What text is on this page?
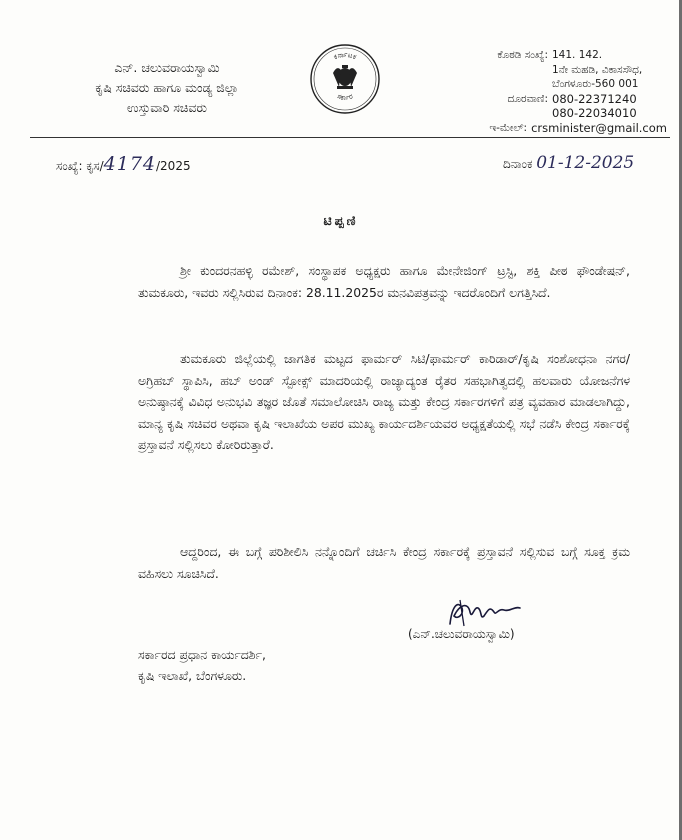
ಎನ್. ಚಲುವರಾಯಸ್ವಾಮಿ
ಕೃಷಿ ಸಚಿವರು ಹಾಗೂ ಮಂಡ್ಯ ಜಿಲ್ಲಾ
ಉಸ್ತುವಾರಿ ಸಚಿವರು
ಕರ್ನಾಟಕ
ಸರ್ಕಾರ
ಕೊಠಡಿ ಸಂಖ್ಯೆ: 141. 142.
1ನೇ ಮಹಡಿ, ವಿಕಾಸಸೌಧ,
ಬೆಂಗಳೂರು-560 001
ದೂರವಾಣಿ: 080-22371240
080-22034010
ಇ-ಮೇಲ್: crsminister@gmail.com
ಸಂಖ್ಯೆ: ಕೃಸ/4174/2025	ದಿನಾಂಕ 01-12-2025
ಟಿಪ್ಪಣಿ
ಶ್ರೀ ಕುಂದರನಹಳ್ಳಿ ರಮೇಶ್, ಸಂಸ್ಥಾಪಕ ಅಧ್ಯಕ್ಷರು ಹಾಗೂ ಮೇನೇಜಿಂಗ್ ಟ್ರಸ್ಟಿ, ಶಕ್ತಿ ಪೀಠ ಫೌಂಡೇಷನ್, ತುಮಕೂರು, ಇವರು ಸಲ್ಲಿಸಿರುವ ದಿನಾಂಕ: 28.11.2025ರ ಮನವಿಪತ್ರವನ್ನು ಇದರೊಂದಿಗೆ ಲಗತ್ತಿಸಿದೆ.
ತುಮಕೂರು ಜಿಲ್ಲೆಯಲ್ಲಿ ಜಾಗತಿಕ ಮಟ್ಟದ ಫಾರ್ಮರ್ ಸಿಟಿ/ಫಾರ್ಮರ್ ಕಾರಿಡಾರ್/ಕೃಷಿ ಸಂಶೋಧನಾ ನಗರ/ಅಗ್ರಿಹಬ್ ಸ್ಥಾಪಿಸಿ, ಹಬ್ ಅಂಡ್ ಸ್ಪೋಕ್ಸ್ ಮಾದರಿಯಲ್ಲಿ ರಾಜ್ಯಾದ್ಯಂತ ರೈತರ ಸಹಭಾಗಿತ್ವದಲ್ಲಿ ಹಲವಾರು ಯೋಜನೆಗಳ ಅನುಷ್ಠಾನಕ್ಕೆ ವಿವಿಧ ಅನುಭವಿ ತಜ್ಞರ ಜೊತೆ ಸಮಾಲೋಚಿಸಿ ರಾಜ್ಯ ಮತ್ತು ಕೇಂದ್ರ ಸರ್ಕಾರಗಳಿಗೆ ಪತ್ರ ವ್ಯವಹಾರ ಮಾಡಲಾಗಿದ್ದು, ಮಾನ್ಯ ಕೃಷಿ ಸಚಿವರ ಅಥವಾ ಕೃಷಿ ಇಲಾಖೆಯ ಅಪರ ಮುಖ್ಯ ಕಾರ್ಯದರ್ಶಿಯವರ ಅಧ್ಯಕ್ಷತೆಯಲ್ಲಿ ಸಭೆ ನಡೆಸಿ ಕೇಂದ್ರ ಸರ್ಕಾರಕ್ಕೆ ಪ್ರಸ್ತಾವನೆ ಸಲ್ಲಿಸಲು ಕೋರಿರುತ್ತಾರೆ.
ಆದ್ದರಿಂದ, ಈ ಬಗ್ಗೆ ಪರಿಶೀಲಿಸಿ ನನ್ನೊಂದಿಗೆ ಚರ್ಚಿಸಿ ಕೇಂದ್ರ ಸರ್ಕಾರಕ್ಕೆ ಪ್ರಸ್ತಾವನೆ ಸಲ್ಲಿಸುವ ಬಗ್ಗೆ ಸೂಕ್ತ ಕ್ರಮ ವಹಿಸಲು ಸೂಚಿಸಿದೆ.
(ಎನ್.ಚಲುವರಾಯಸ್ವಾಮಿ)
ಸರ್ಕಾರದ ಪ್ರಧಾನ ಕಾರ್ಯದರ್ಶಿ,
ಕೃಷಿ ಇಲಾಖೆ, ಬೆಂಗಳೂರು.
